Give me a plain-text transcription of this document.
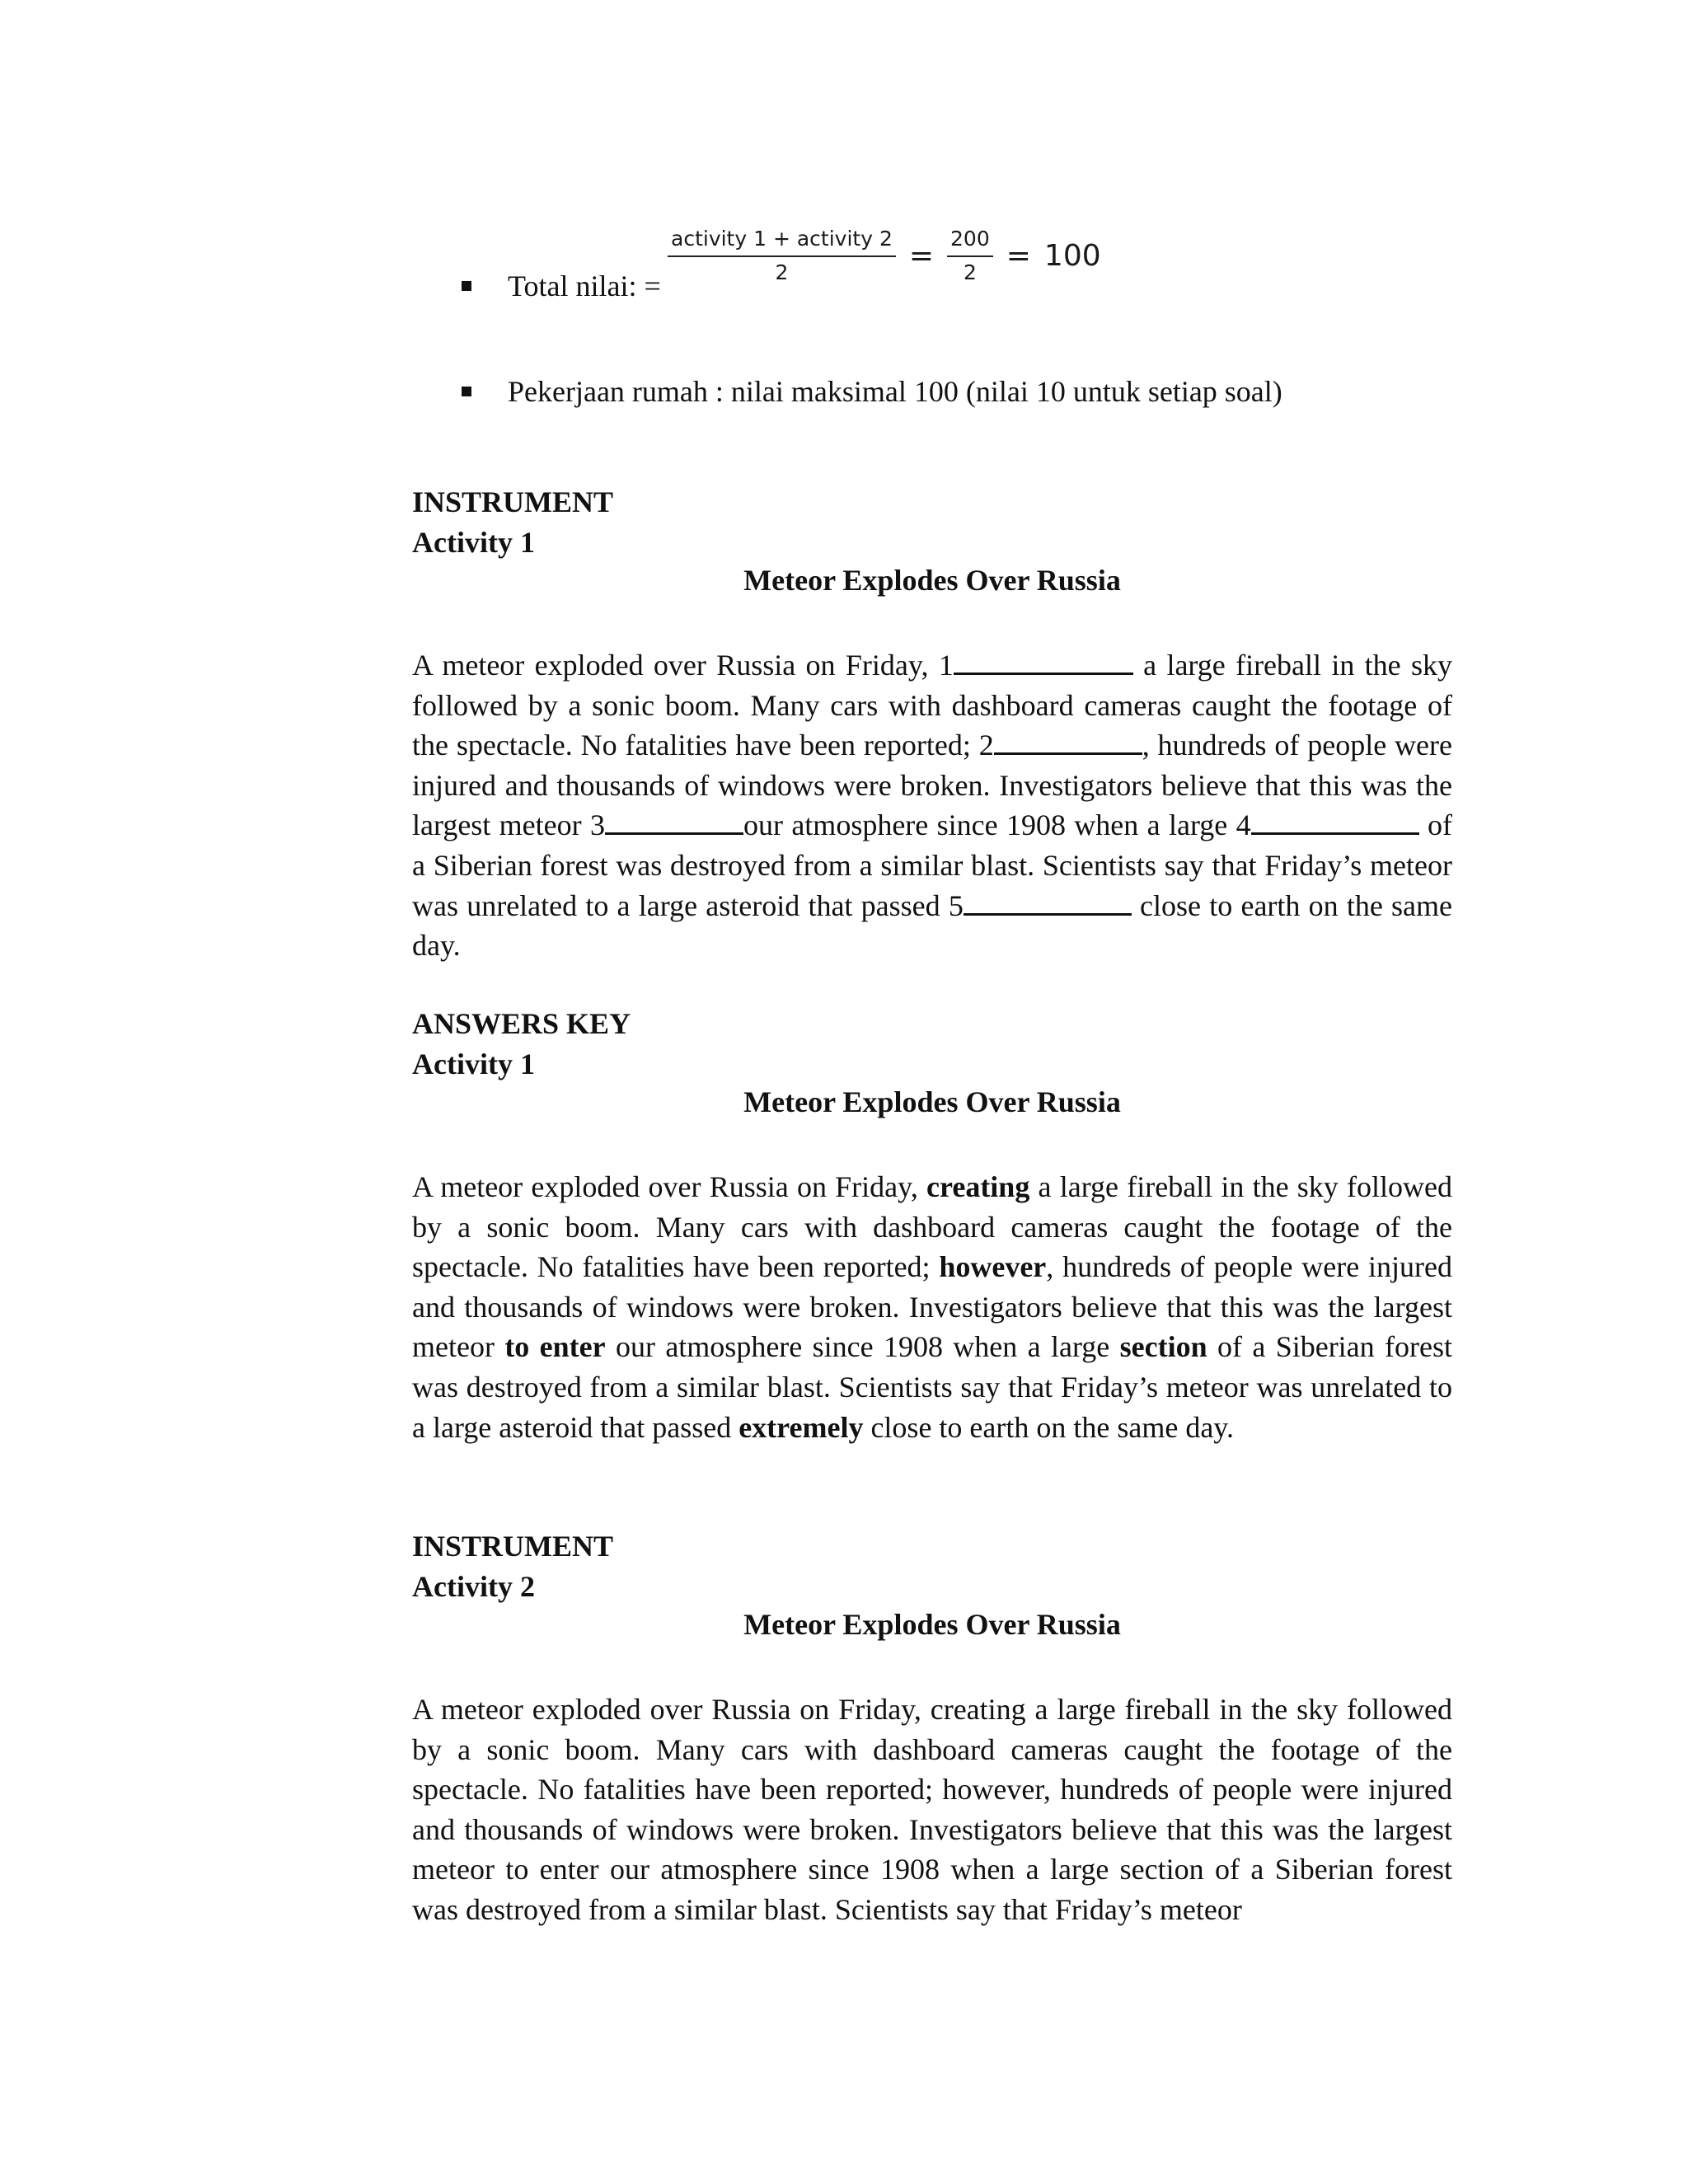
Total nilai: =
$\frac{\text{activity 1 + activity 2}}{2} = \frac{200}{2} = 100$
Pekerjaan rumah : nilai maksimal 100 (nilai 10 untuk setiap soal)
INSTRUMENT
Activity 1
Meteor Explodes Over Russia
A meteor exploded over Russia on Friday, 1	a large fireball in the sky followed by a sonic boom. Many cars with dashboard cameras caught the footage of the spectacle. No fatalities have been reported; 2	, hundreds of people were injured and thousands of windows were broken. Investigators believe that this was the largest meteor 3	our atmosphere since 1908 when a large 4	of a Siberian forest was destroyed from a similar blast. Scientists say that Friday’s meteor was unrelated to a large asteroid that passed 5	close to earth on the same day.
ANSWERS KEY
Activity 1
Meteor Explodes Over Russia
A meteor exploded over Russia on Friday, creating a large fireball in the sky followed by a sonic boom. Many cars with dashboard cameras caught the footage of the spectacle. No fatalities have been reported; however, hundreds of people were injured and thousands of windows were broken. Investigators believe that this was the largest meteor to enter our atmosphere since 1908 when a large section of a Siberian forest was destroyed from a similar blast. Scientists say that Friday’s meteor was unrelated to a large asteroid that passed extremely close to earth on the same day.
INSTRUMENT
Activity 2
Meteor Explodes Over Russia
A meteor exploded over Russia on Friday, creating a large fireball in the sky followed by a sonic boom. Many cars with dashboard cameras caught the footage of the spectacle. No fatalities have been reported; however, hundreds of people were injured and thousands of windows were broken. Investigators believe that this was the largest meteor to enter our atmosphere since 1908 when a large section of a Siberian forest was destroyed from a similar blast. Scientists say that Friday’s meteor
